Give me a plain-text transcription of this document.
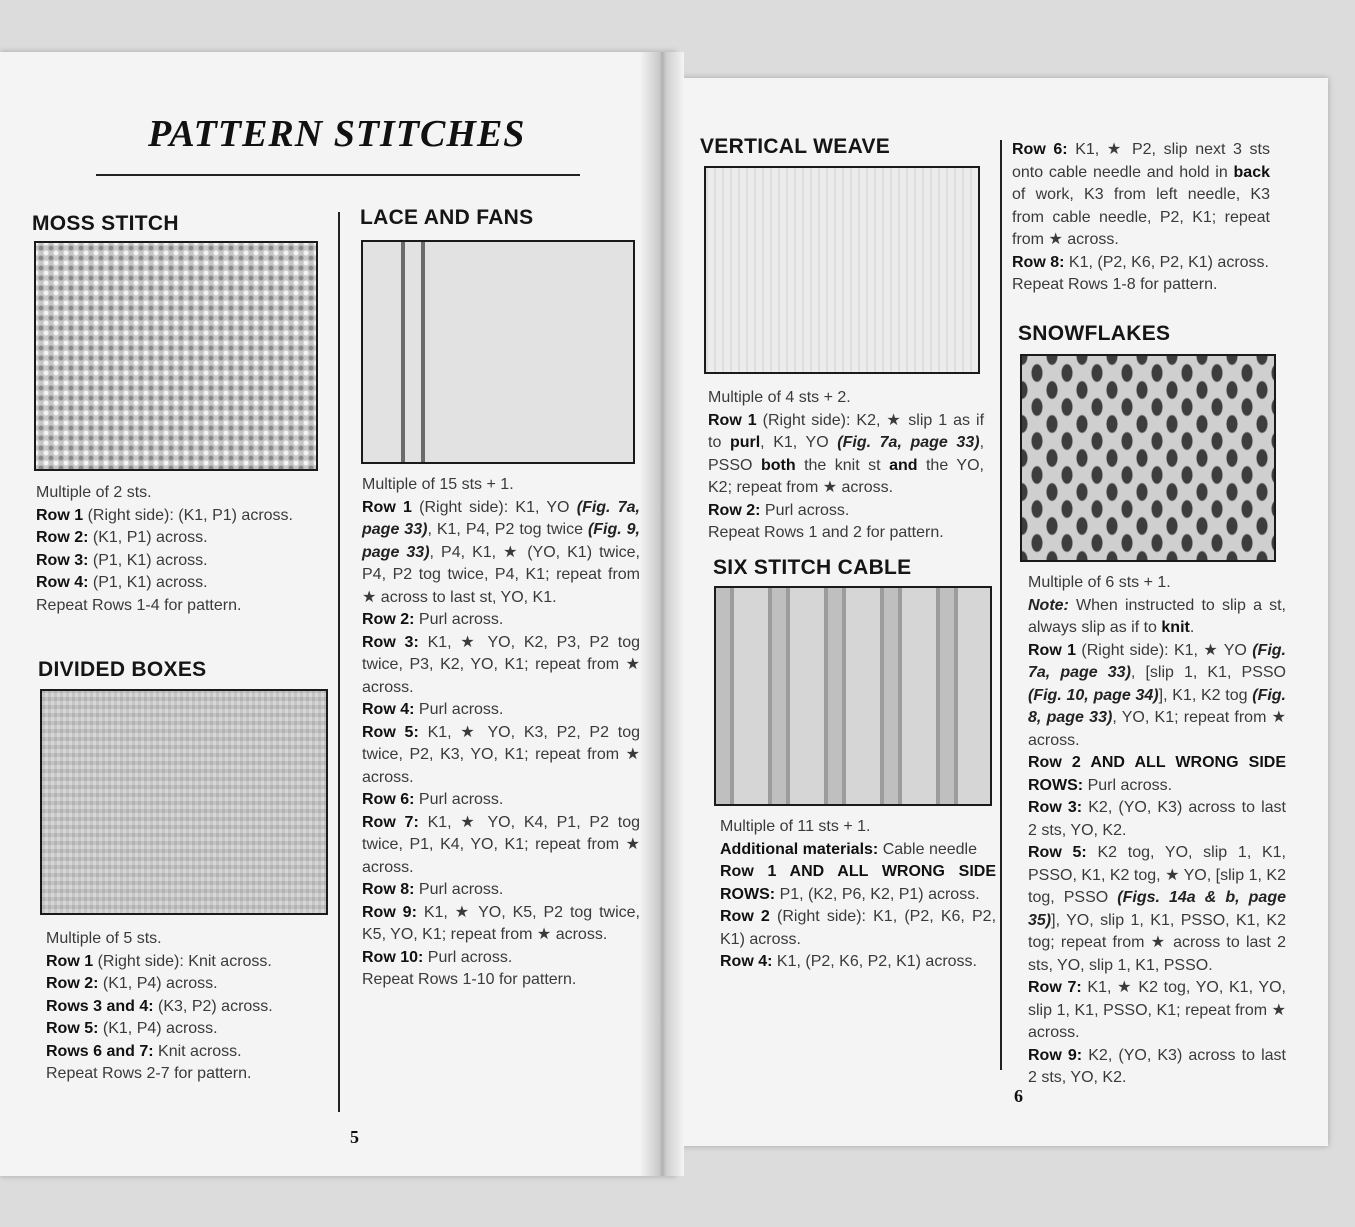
PATTERN STITCHES
MOSS STITCH

Multiple of 2 sts.

Row 1 (Right side): (K1, P1) across.

Row 2: (K1, P1) across.

Row 3: (P1, K1) across.

Row 4: (P1, K1) across.

Repeat Rows 1-4 for pattern.

DIVIDED BOXES

Multiple of 5 sts.

Row 1 (Right side): Knit across.

Row 2: (K1, P4) across.

Rows 3 and 4: (K3, P2) across.

Row 5: (K1, P4) across.

Rows 6 and 7: Knit across.

Repeat Rows 2-7 for pattern.

LACE AND FANS

Multiple of 15 sts + 1.

Row 1 (Right side): K1, YO (Fig. 7a, page 33), K1, P4, P2 tog twice (Fig. 9, page 33), P4, K1, ★ (YO, K1) twice, P4, P2 tog twice, P4, K1; repeat from ★ across to last st, YO, K1.

Row 2: Purl across.

Row 3: K1, ★ YO, K2, P3, P2 tog twice, P3, K2, YO, K1; repeat from ★ across.

Row 4: Purl across.

Row 5: K1, ★ YO, K3, P2, P2 tog twice, P2, K3, YO, K1; repeat from ★ across.

Row 6: Purl across.

Row 7: K1, ★ YO, K4, P1, P2 tog twice, P1, K4, YO, K1; repeat from ★ across.

Row 8: Purl across.

Row 9: K1, ★ YO, K5, P2 tog twice, K5, YO, K1; repeat from ★ across.

Row 10: Purl across.

Repeat Rows 1-10 for pattern.

5

VERTICAL WEAVE

Multiple of 4 sts + 2.

Row 1 (Right side): K2, ★ slip 1 as if to purl, K1, YO (Fig. 7a, page 33), PSSO both the knit st and the YO, K2; repeat from ★ across.

Row 2: Purl across.

Repeat Rows 1 and 2 for pattern.

SIX STITCH CABLE

Multiple of 11 sts + 1.

Additional materials: Cable needle

Row 1 AND ALL WRONG SIDE ROWS: P1, (K2, P6, K2, P1) across.

Row 2 (Right side): K1, (P2, K6, P2, K1) across.

Row 4: K1, (P2, K6, P2, K1) across.

Row 6: K1, ★ P2, slip next 3 sts onto cable needle and hold in back of work, K3 from left needle, K3 from cable needle, P2, K1; repeat from ★ across.

Row 8: K1, (P2, K6, P2, K1) across.

Repeat Rows 1-8 for pattern.

SNOWFLAKES

Multiple of 6 sts + 1.

Note: When instructed to slip a st, always slip as if to knit.

Row 1 (Right side): K1, ★ YO (Fig. 7a, page 33), [slip 1, K1, PSSO (Fig. 10, page 34)], K1, K2 tog (Fig. 8, page 33), YO, K1; repeat from ★ across.

Row 2 AND ALL WRONG SIDE ROWS: Purl across.

Row 3: K2, (YO, K3) across to last 2 sts, YO, K2.

Row 5: K2 tog, YO, slip 1, K1, PSSO, K1, K2 tog, ★ YO, [slip 1, K2 tog, PSSO (Figs. 14a & b, page 35)], YO, slip 1, K1, PSSO, K1, K2 tog; repeat from ★ across to last 2 sts, YO, slip 1, K1, PSSO.

Row 7: K1, ★ K2 tog, YO, K1, YO, slip 1, K1, PSSO, K1; repeat from ★ across.

Row 9: K2, (YO, K3) across to last 2 sts, YO, K2.

6
